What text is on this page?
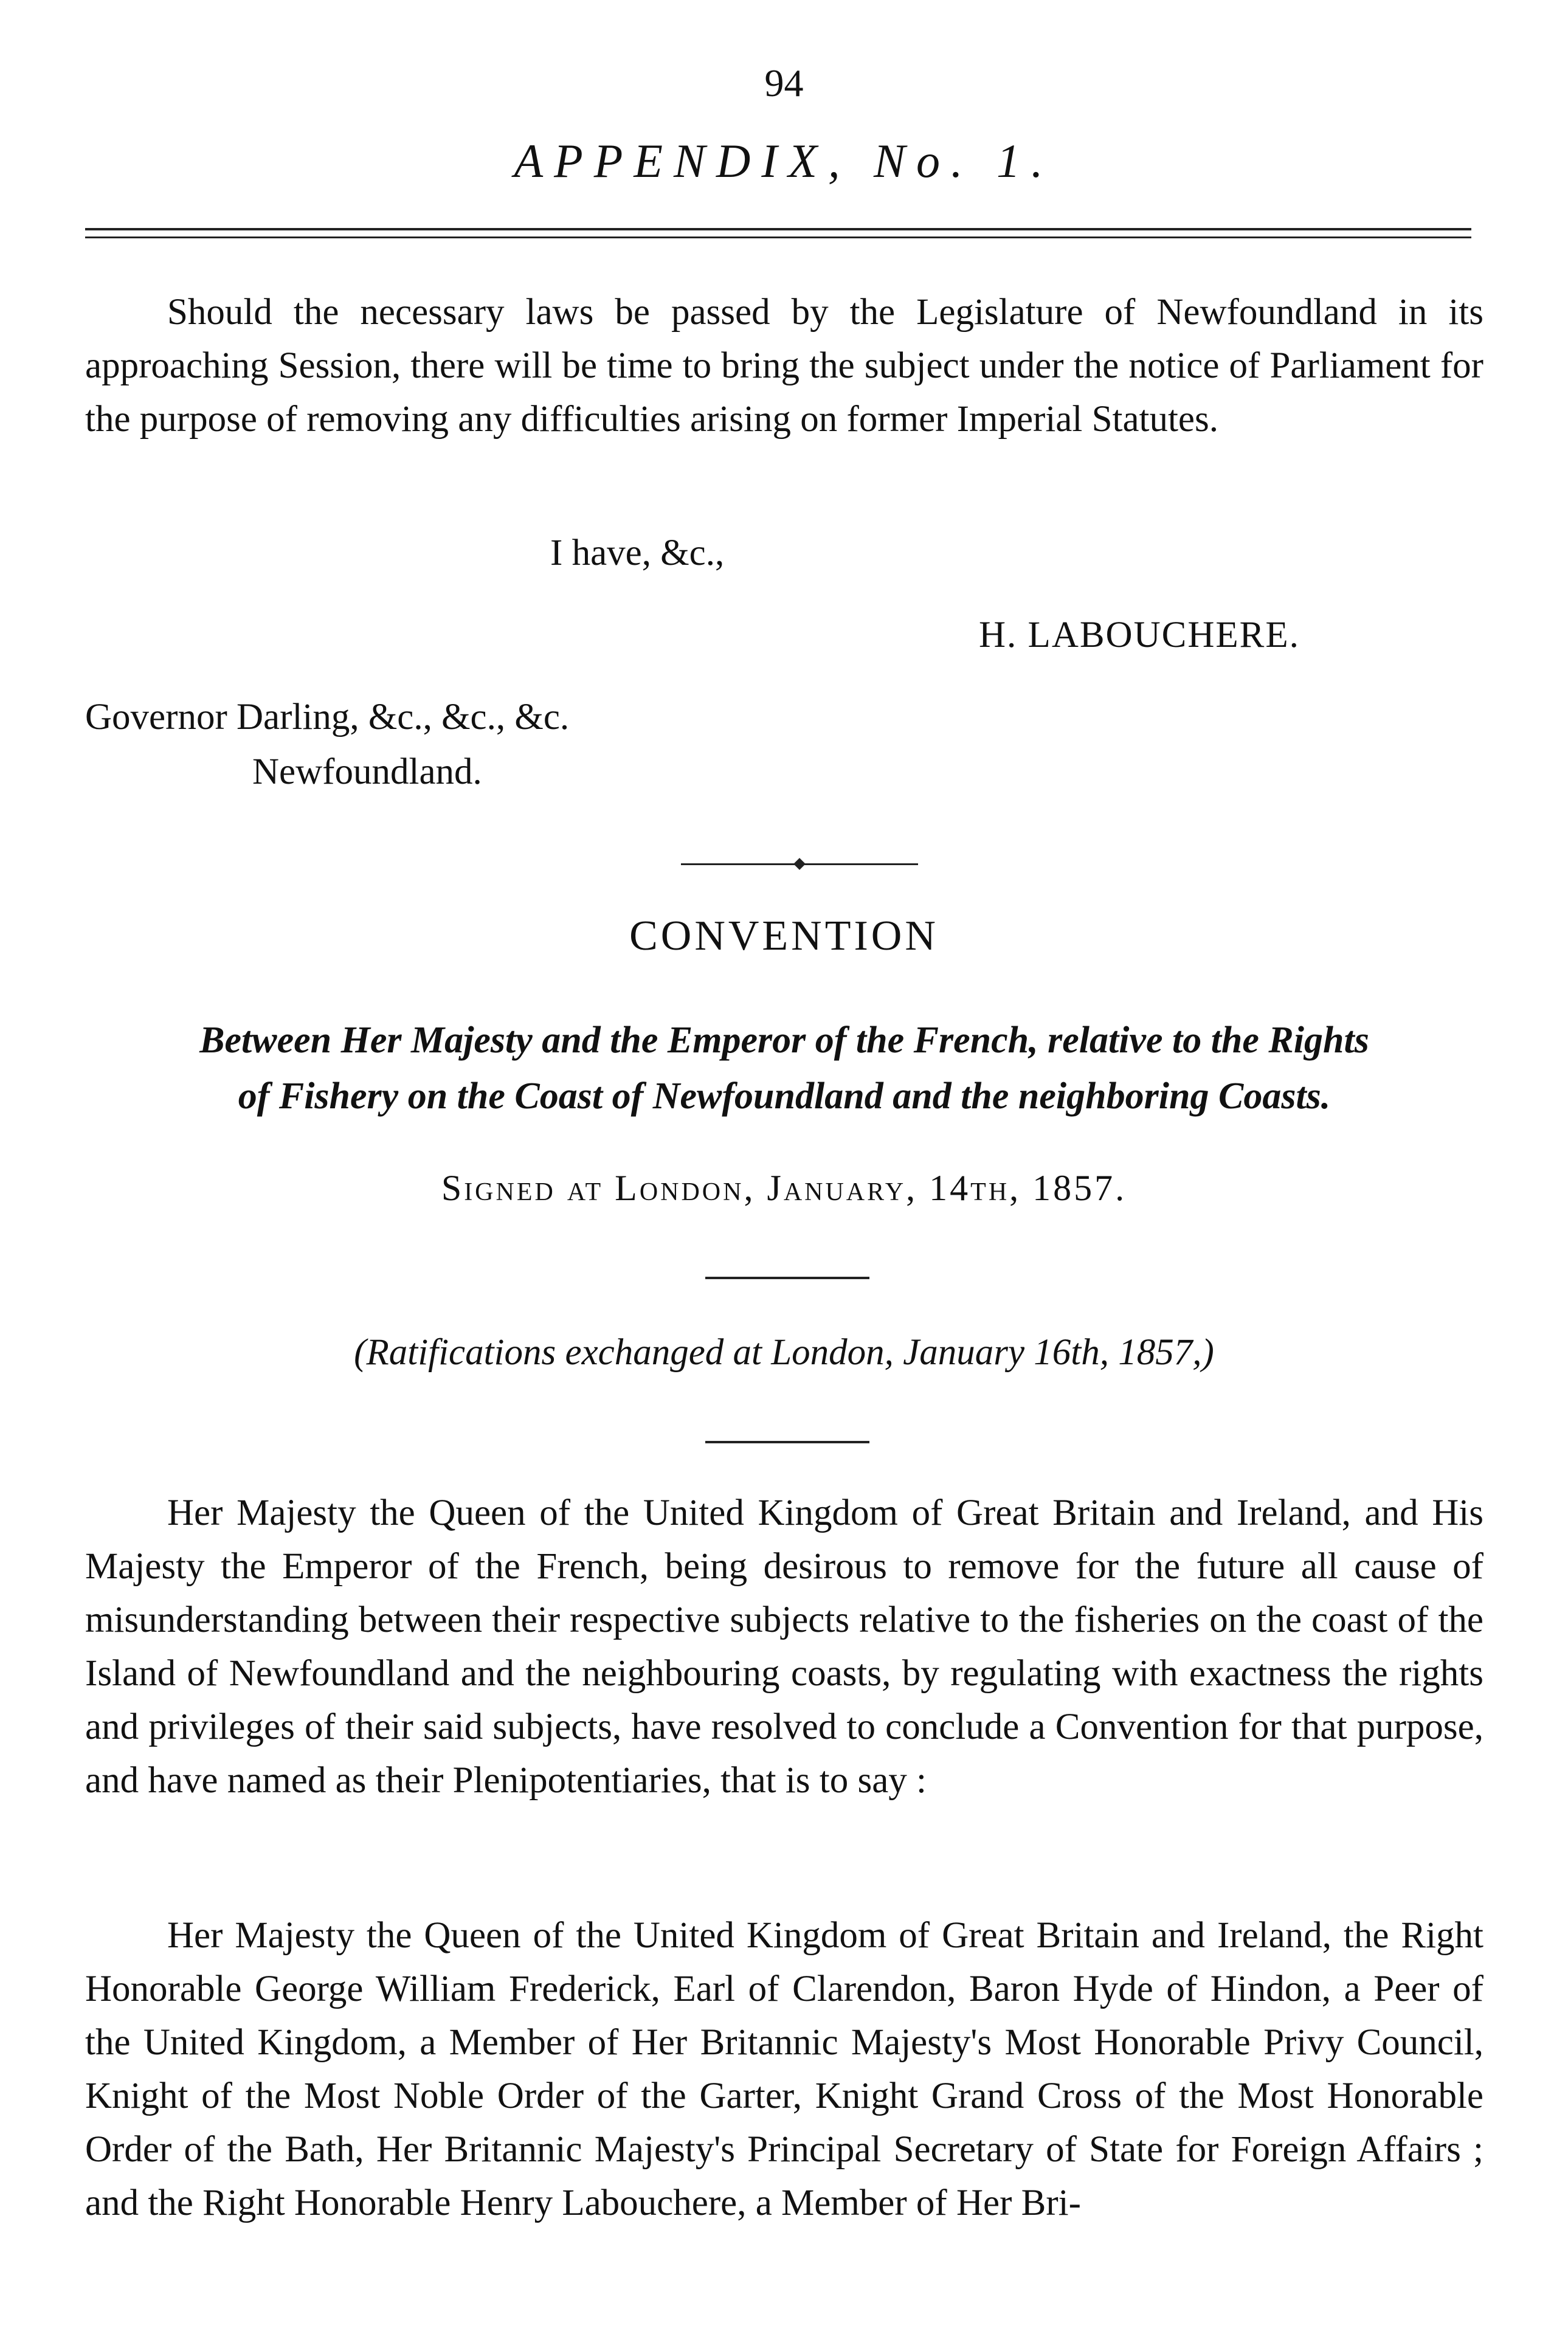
94
APPENDIX, No. 1.

Should the necessary laws be passed by the Legislature of Newfoundland in its approaching Session, there will be time to bring the subject under the notice of Parliament for the purpose of removing any difficulties arising on former Imperial Statutes.

I have, &c.,
H. LABOUCHERE.
Governor Darling, &c., &c., &c.
Newfoundland.
CONVENTION
Between Her Majesty and the Emperor of the French, relative to the Rights
of Fishery on the Coast of Newfoundland and the neighboring Coasts.
Signed at London, January, 14th, 1857.
(Ratifications exchanged at London, January 16th, 1857,)

Her Majesty the Queen of the United Kingdom of Great Britain and Ireland, and His Majesty the Emperor of the French, being desirous to remove for the future all cause of misunderstanding between their respective subjects relative to the fisheries on the coast of the Island of Newfoundland and the neighbouring coasts, by regulating with exactness the rights and privileges of their said subjects, have resolved to conclude a Convention for that purpose, and have named as their Plenipotentiaries, that is to say :

Her Majesty the Queen of the United Kingdom of Great Britain and Ireland, the Right Honorable George William Frederick, Earl of Clarendon, Baron Hyde of Hindon, a Peer of the United Kingdom, a Member of Her Britannic Majesty's Most Honorable Privy Council, Knight of the Most Noble Order of the Garter, Knight Grand Cross of the Most Honorable Order of the Bath, Her Britannic Majesty's Principal Secretary of State for Foreign Affairs ; and the Right Honorable Henry Labouchere, a Member of Her Bri-
